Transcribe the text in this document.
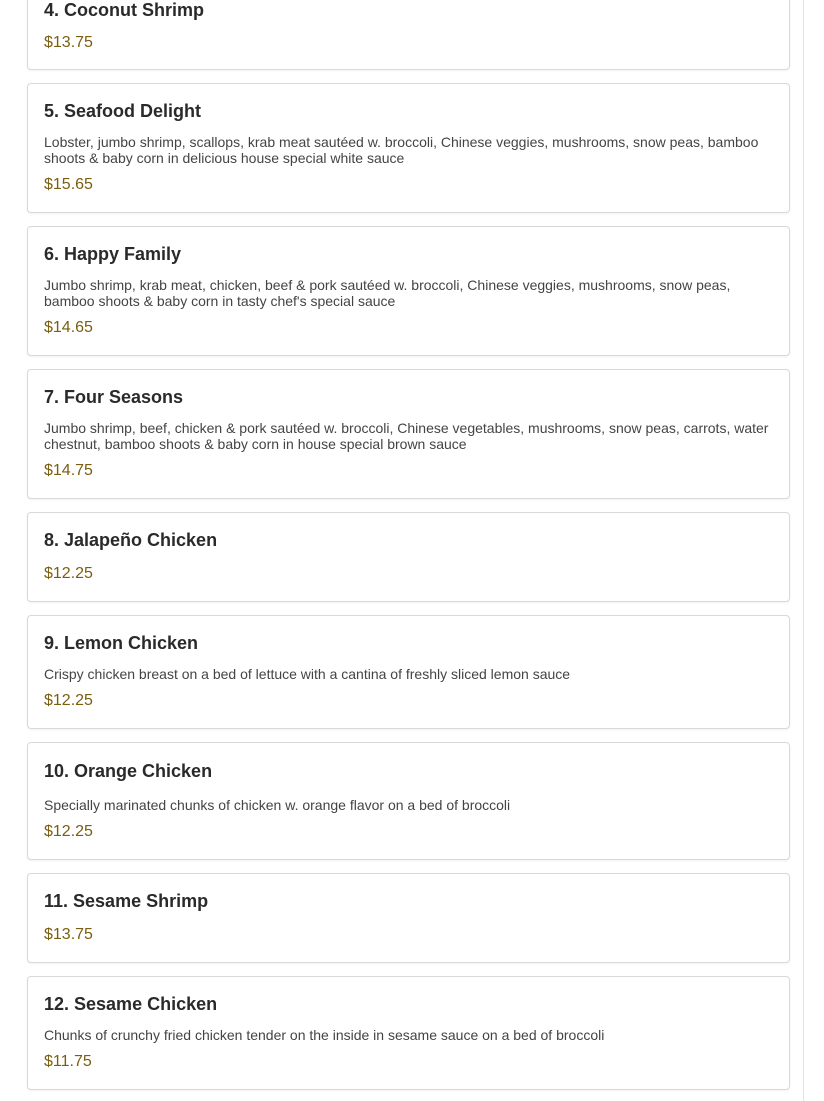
4. Coconut Shrimp
$13.75
5. Seafood Delight
Lobster, jumbo shrimp, scallops, krab meat sautéed w. broccoli, Chinese veggies, mushrooms, snow peas, bamboo shoots & baby corn in delicious house special white sauce
$15.65
6. Happy Family
Jumbo shrimp, krab meat, chicken, beef & pork sautéed w. broccoli, Chinese veggies, mushrooms, snow peas, bamboo shoots & baby corn in tasty chef's special sauce
$14.65
7. Four Seasons
Jumbo shrimp, beef, chicken & pork sautéed w. broccoli, Chinese vegetables, mushrooms, snow peas, carrots, water chestnut, bamboo shoots & baby corn in house special brown sauce
$14.75
8. Jalapeño Chicken
$12.25
9. Lemon Chicken
Crispy chicken breast on a bed of lettuce with a cantina of freshly sliced lemon sauce
$12.25
10. Orange Chicken
Specially marinated chunks of chicken w. orange flavor on a bed of broccoli
$12.25
11. Sesame Shrimp
$13.75
12. Sesame Chicken
Chunks of crunchy fried chicken tender on the inside in sesame sauce on a bed of broccoli
$11.75
